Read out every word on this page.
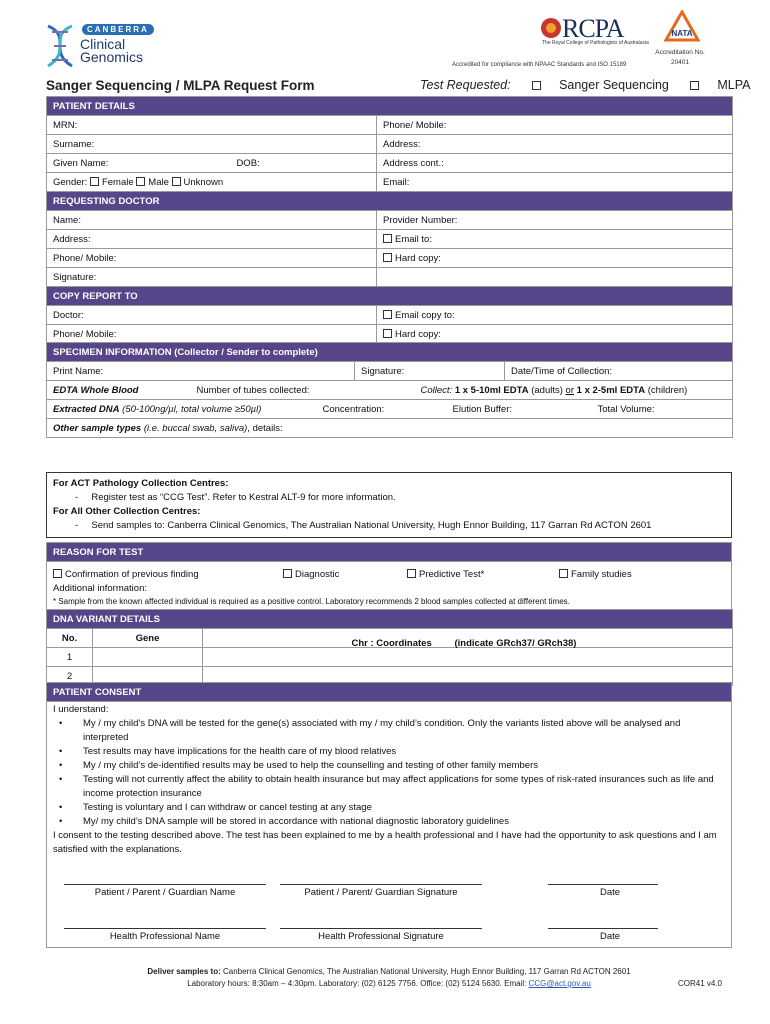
CANBERRA
Clinical
Genomics
RCPA
The Royal College of Pathologists of Australasia
NATA
Accreditation No.
20401
Accredited for compliance with NPAAC Standards and ISO 15189
Sanger Sequencing / MLPA Request Form	Test Requested:	Sanger Sequencing	MLPA
PATIENT DETAILS	
MRN:	Phone/ Mobile:
Surname:	Address:
Given Name: DOB:	Address cont.:
Gender: Female Male Unknown	Email:
REQUESTING DOCTOR	
Name:	Provider Number:
Address:	Email to:
Phone/ Mobile:	Hard copy:
Signature:	
COPY REPORT TO	
Doctor:	Email copy to:
Phone/ Mobile:	Hard copy:
SPECIMEN INFORMATION (Collector / Sender to complete)
Print Name:	Signature:	Date/Time of Collection:
EDTA Whole Blood	Number of tubes collected:	Collect: 1 x 5-10ml EDTA (adults) or 1 x 2-5ml EDTA (children)

Extracted DNA (50-100ng/µl, total volume ≥50µl)	Concentration:	Elution Buffer:	Total Volume:

Other sample types (i.e. buccal swab, saliva), details:
For ACT Pathology Collection Centres:
-     Register test as “CCG Test”. Refer to Kestral ALT-9 for more information.
For All Other Collection Centres:
-     Send samples to: Canberra Clinical Genomics, The Australian National University, Hugh Ennor Building, 117 Garran Rd ACTON 2601
REASON FOR TEST

Confirmation of previous finding	Diagnostic	Predictive Test*	Family studies
Additional information:
* Sample from the known affected individual is required as a positive control. Laboratory recommends 2 blood samples collected at different times.
DNA VARIANT DETAILS		
No.	Gene	Chr : Coordinates (indicate GRch37/ GRch38)

1		
2		
PATIENT CONSENT
I understand:
• My / my child’s DNA will be tested for the gene(s) associated with my / my child’s condition. Only the variants listed above will be analysed and interpreted
• Test results may have implications for the health care of my blood relatives
• My / my child’s de-identified results may be used to help the counselling and testing of other family members
• Testing will not currently affect the ability to obtain health insurance but may affect applications for some types of risk-rated insurances such as life and income protection insurance
• Testing is voluntary and I can withdraw or cancel testing at any stage
• My/ my child’s DNA sample will be stored in accordance with national diagnostic laboratory guidelines
I consent to the testing described above. The test has been explained to me by a health professional and I have had the opportunity to ask questions and I am satisfied with the explanations.
Patient / Parent / Guardian Name	Patient / Parent/ Guardian Signature	Date
Health Professional Name	Health Professional Signature	Date
Deliver samples to: Canberra Clinical Genomics, The Australian National University, Hugh Ennor Building, 117 Garran Rd ACTON 2601
Laboratory hours: 8:30am – 4:30pm. Laboratory: (02) 6125 7756. Office: (02) 5124 5630. Email: CCG@act.gov.au	COR41 v4.0
